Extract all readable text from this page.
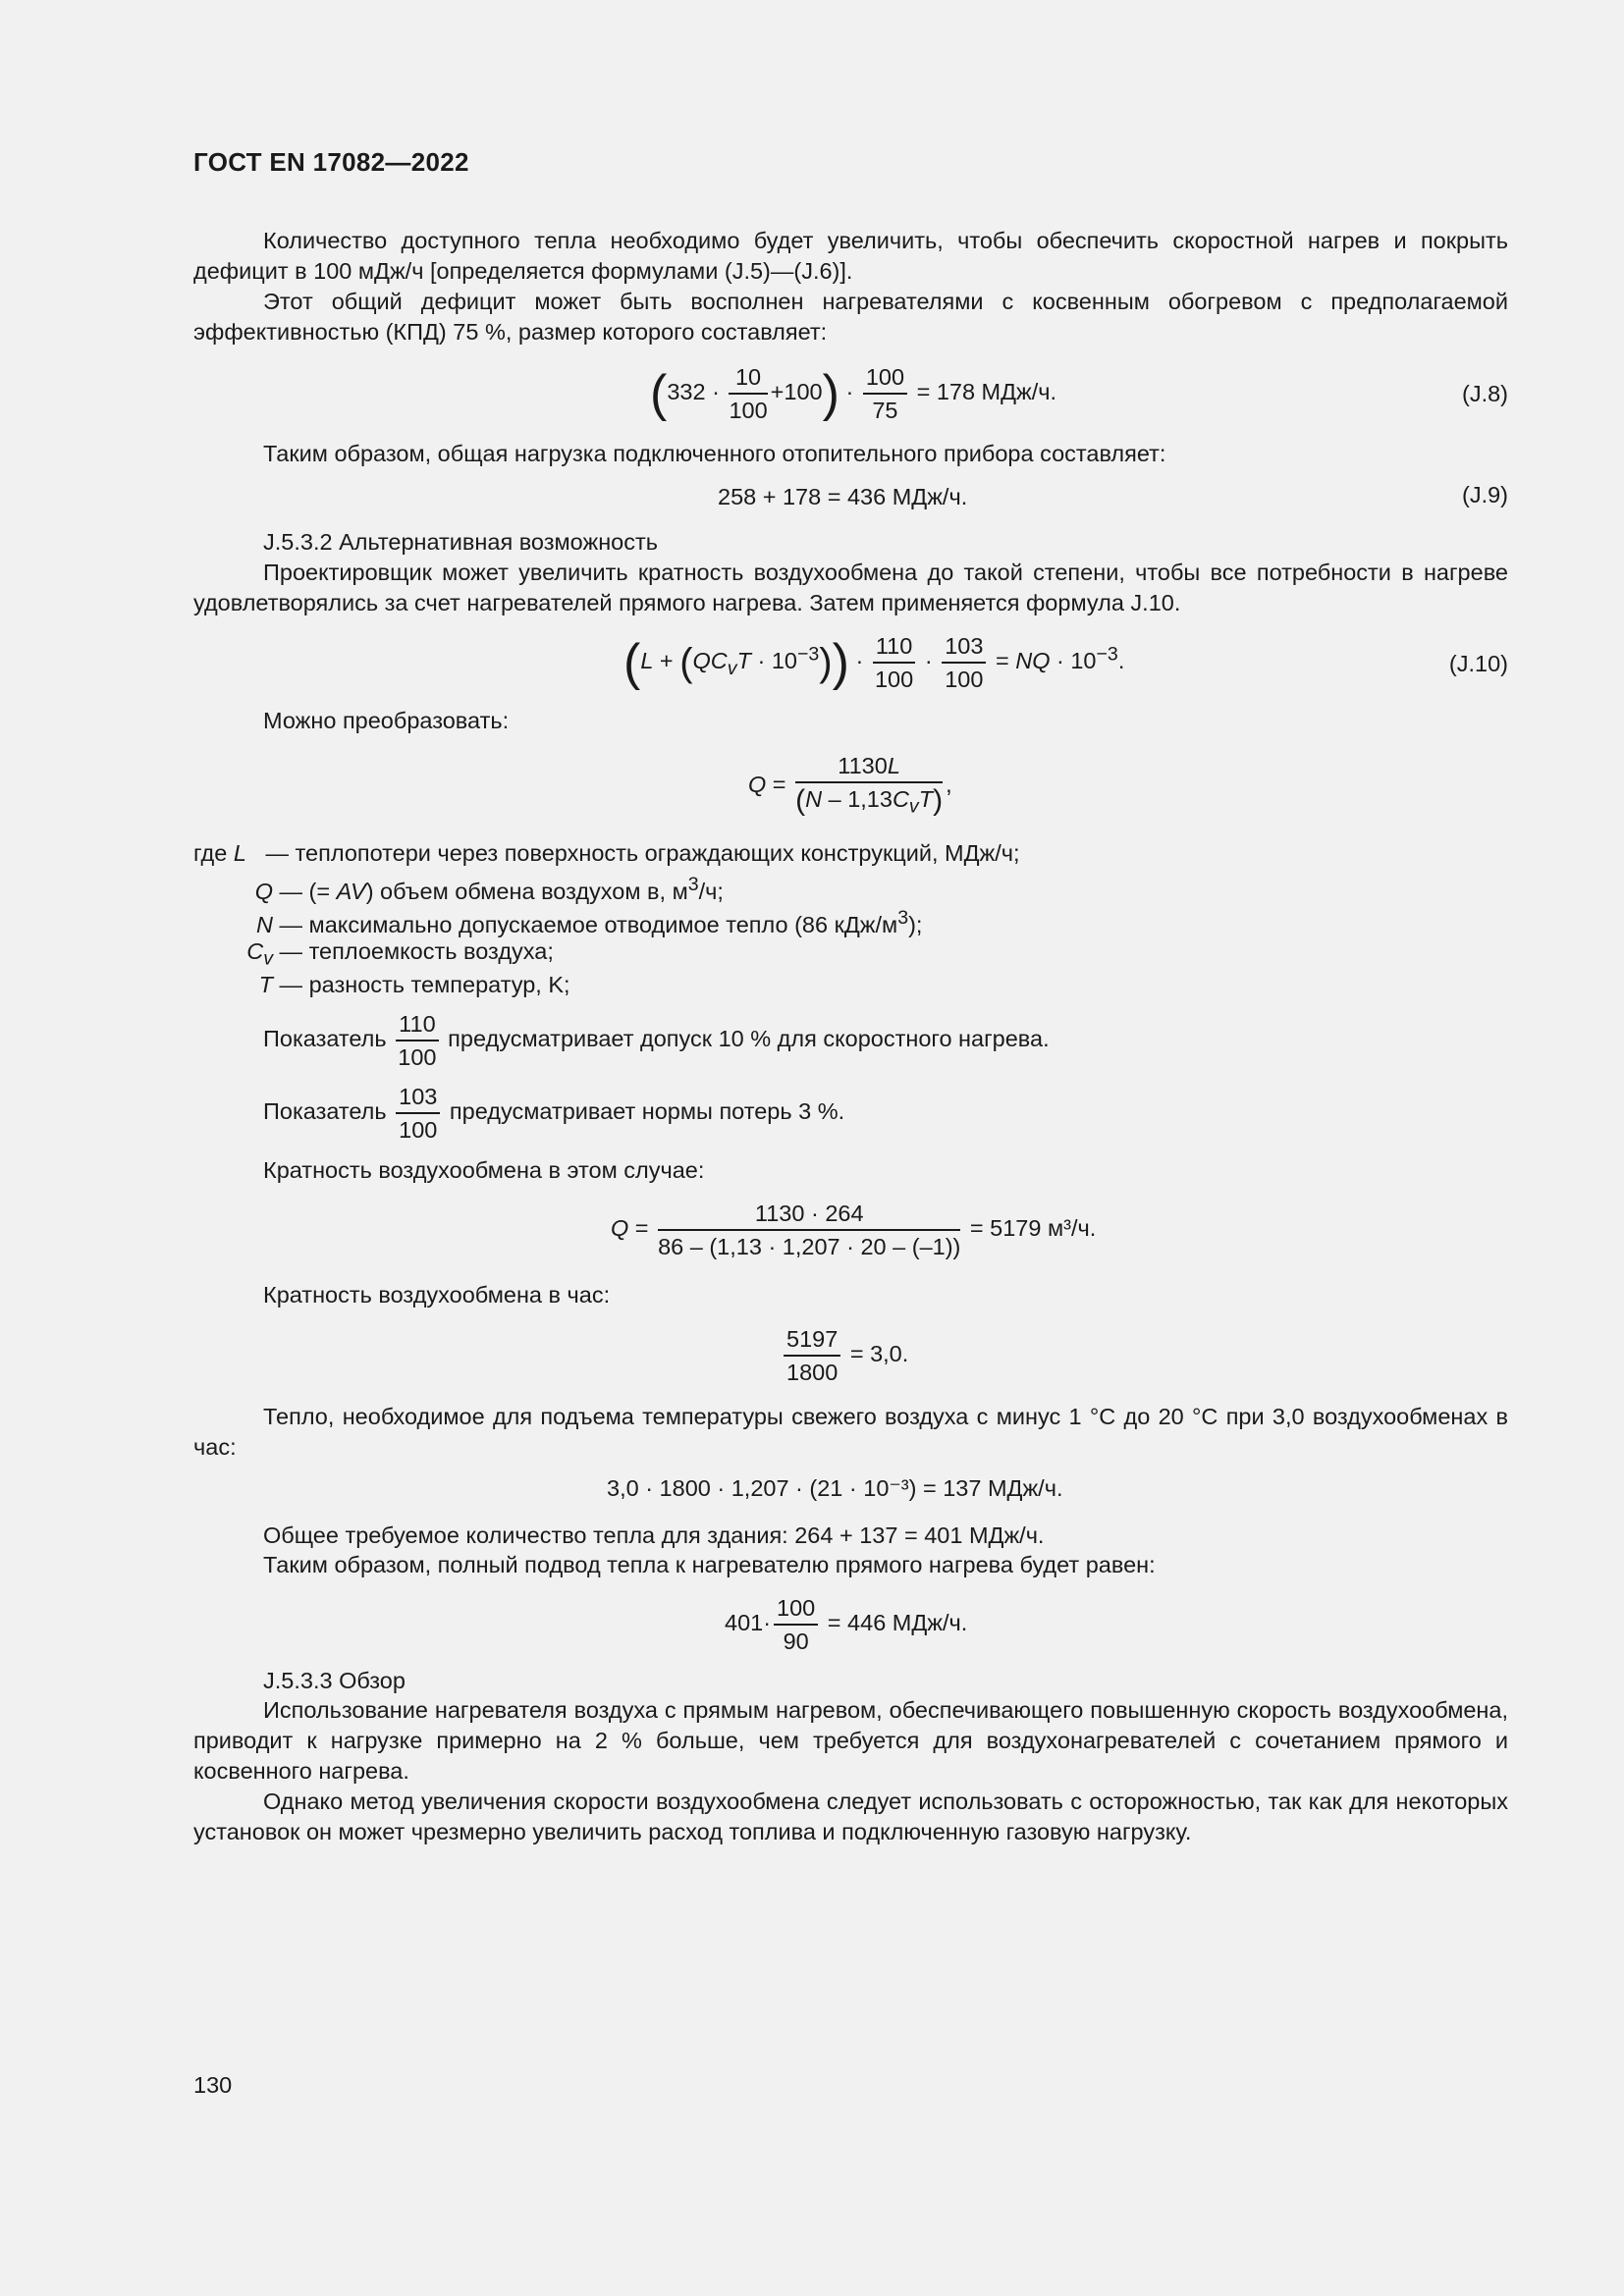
ГОСТ EN 17082—2022
Количество доступного тепла необходимо будет увеличить, чтобы обеспечить скоростной нагрев и покрыть дефицит в 100 мДж/ч [определяется формулами (J.5)—(J.6)].
Этот общий дефицит может быть восполнен нагревателями с косвенным обогревом с предполагаемой эффективностью (КПД) 75 %, размер которого составляет:
$(332 \cdot \frac{10}{100} +100) \cdot \frac{100}{75} = 178$ МДж/ч.	(J.8)
Таким образом, общая нагрузка подключенного отопительного прибора составляет:
258 + 178 = 436 МДж/ч.	(J.9)
J.5.3.2 Альтернативная возможность
Проектировщик может увеличить кратность воздухообмена до такой степени, чтобы все потребности в нагреве удовлетворялись за счет нагревателей прямого нагрева. Затем применяется формула J.10.
$(L + (QC_vT \cdot 10^{-3})) \cdot \frac{110}{100} \cdot \frac{103}{100}$ = NQ · $10^{-3}$.	(J.10)
Можно преобразовать:
$Q = \frac{1130L}{(N - 1,13C_vT)}$ ,
где L   — теплопотери через поверхность ограждающих конструкций, МДж/ч;
Q — (= AV) объем обмена воздухом в, $м^3/ч$;
N — максимально допускаемое отводимое тепло (86 кДж/$м^3$);
$C_v$ — теплоемкость воздуха;
T — разность температур, K;
Показатель $\frac{110}{100}$ предусматривает допуск 10 % для скоростного нагрева.
Показатель $\frac{103}{100}$ предусматривает нормы потерь 3 %.
Кратность воздухообмена в этом случае:
$Q = \frac{1130 \cdot 264}{86 - (1,13 \cdot 1,207 \cdot 20 - (-1))} = 5179$ м³/ч.
Кратность воздухообмена в час:
$\frac{5197}{1800} = 3,0$.
Тепло, необходимое для подъема температуры свежего воздуха с минус 1 °С до 20 °С при 3,0 воздухообменах в час:
3,0 · 1800 · 1,207 · (21 · 10⁻³) = 137 МДж/ч.
Общее требуемое количество тепла для здания: 264 + 137 = 401 МДж/ч.
Таким образом, полный подвод тепла к нагревателю прямого нагрева будет равен:
$401\cdot \frac{100}{90} = 446$ МДж/ч.
J.5.3.3 Обзор
Использование нагревателя воздуха с прямым нагревом, обеспечивающего повышенную скорость воздухообмена, приводит к нагрузке примерно на 2 % больше, чем требуется для воздухонагревателей с сочетанием прямого и косвенного нагрева.
Однако метод увеличения скорости воздухообмена следует использовать с осторожностью, так как для некоторых установок он может чрезмерно увеличить расход топлива и подключенную газовую нагрузку.
130
